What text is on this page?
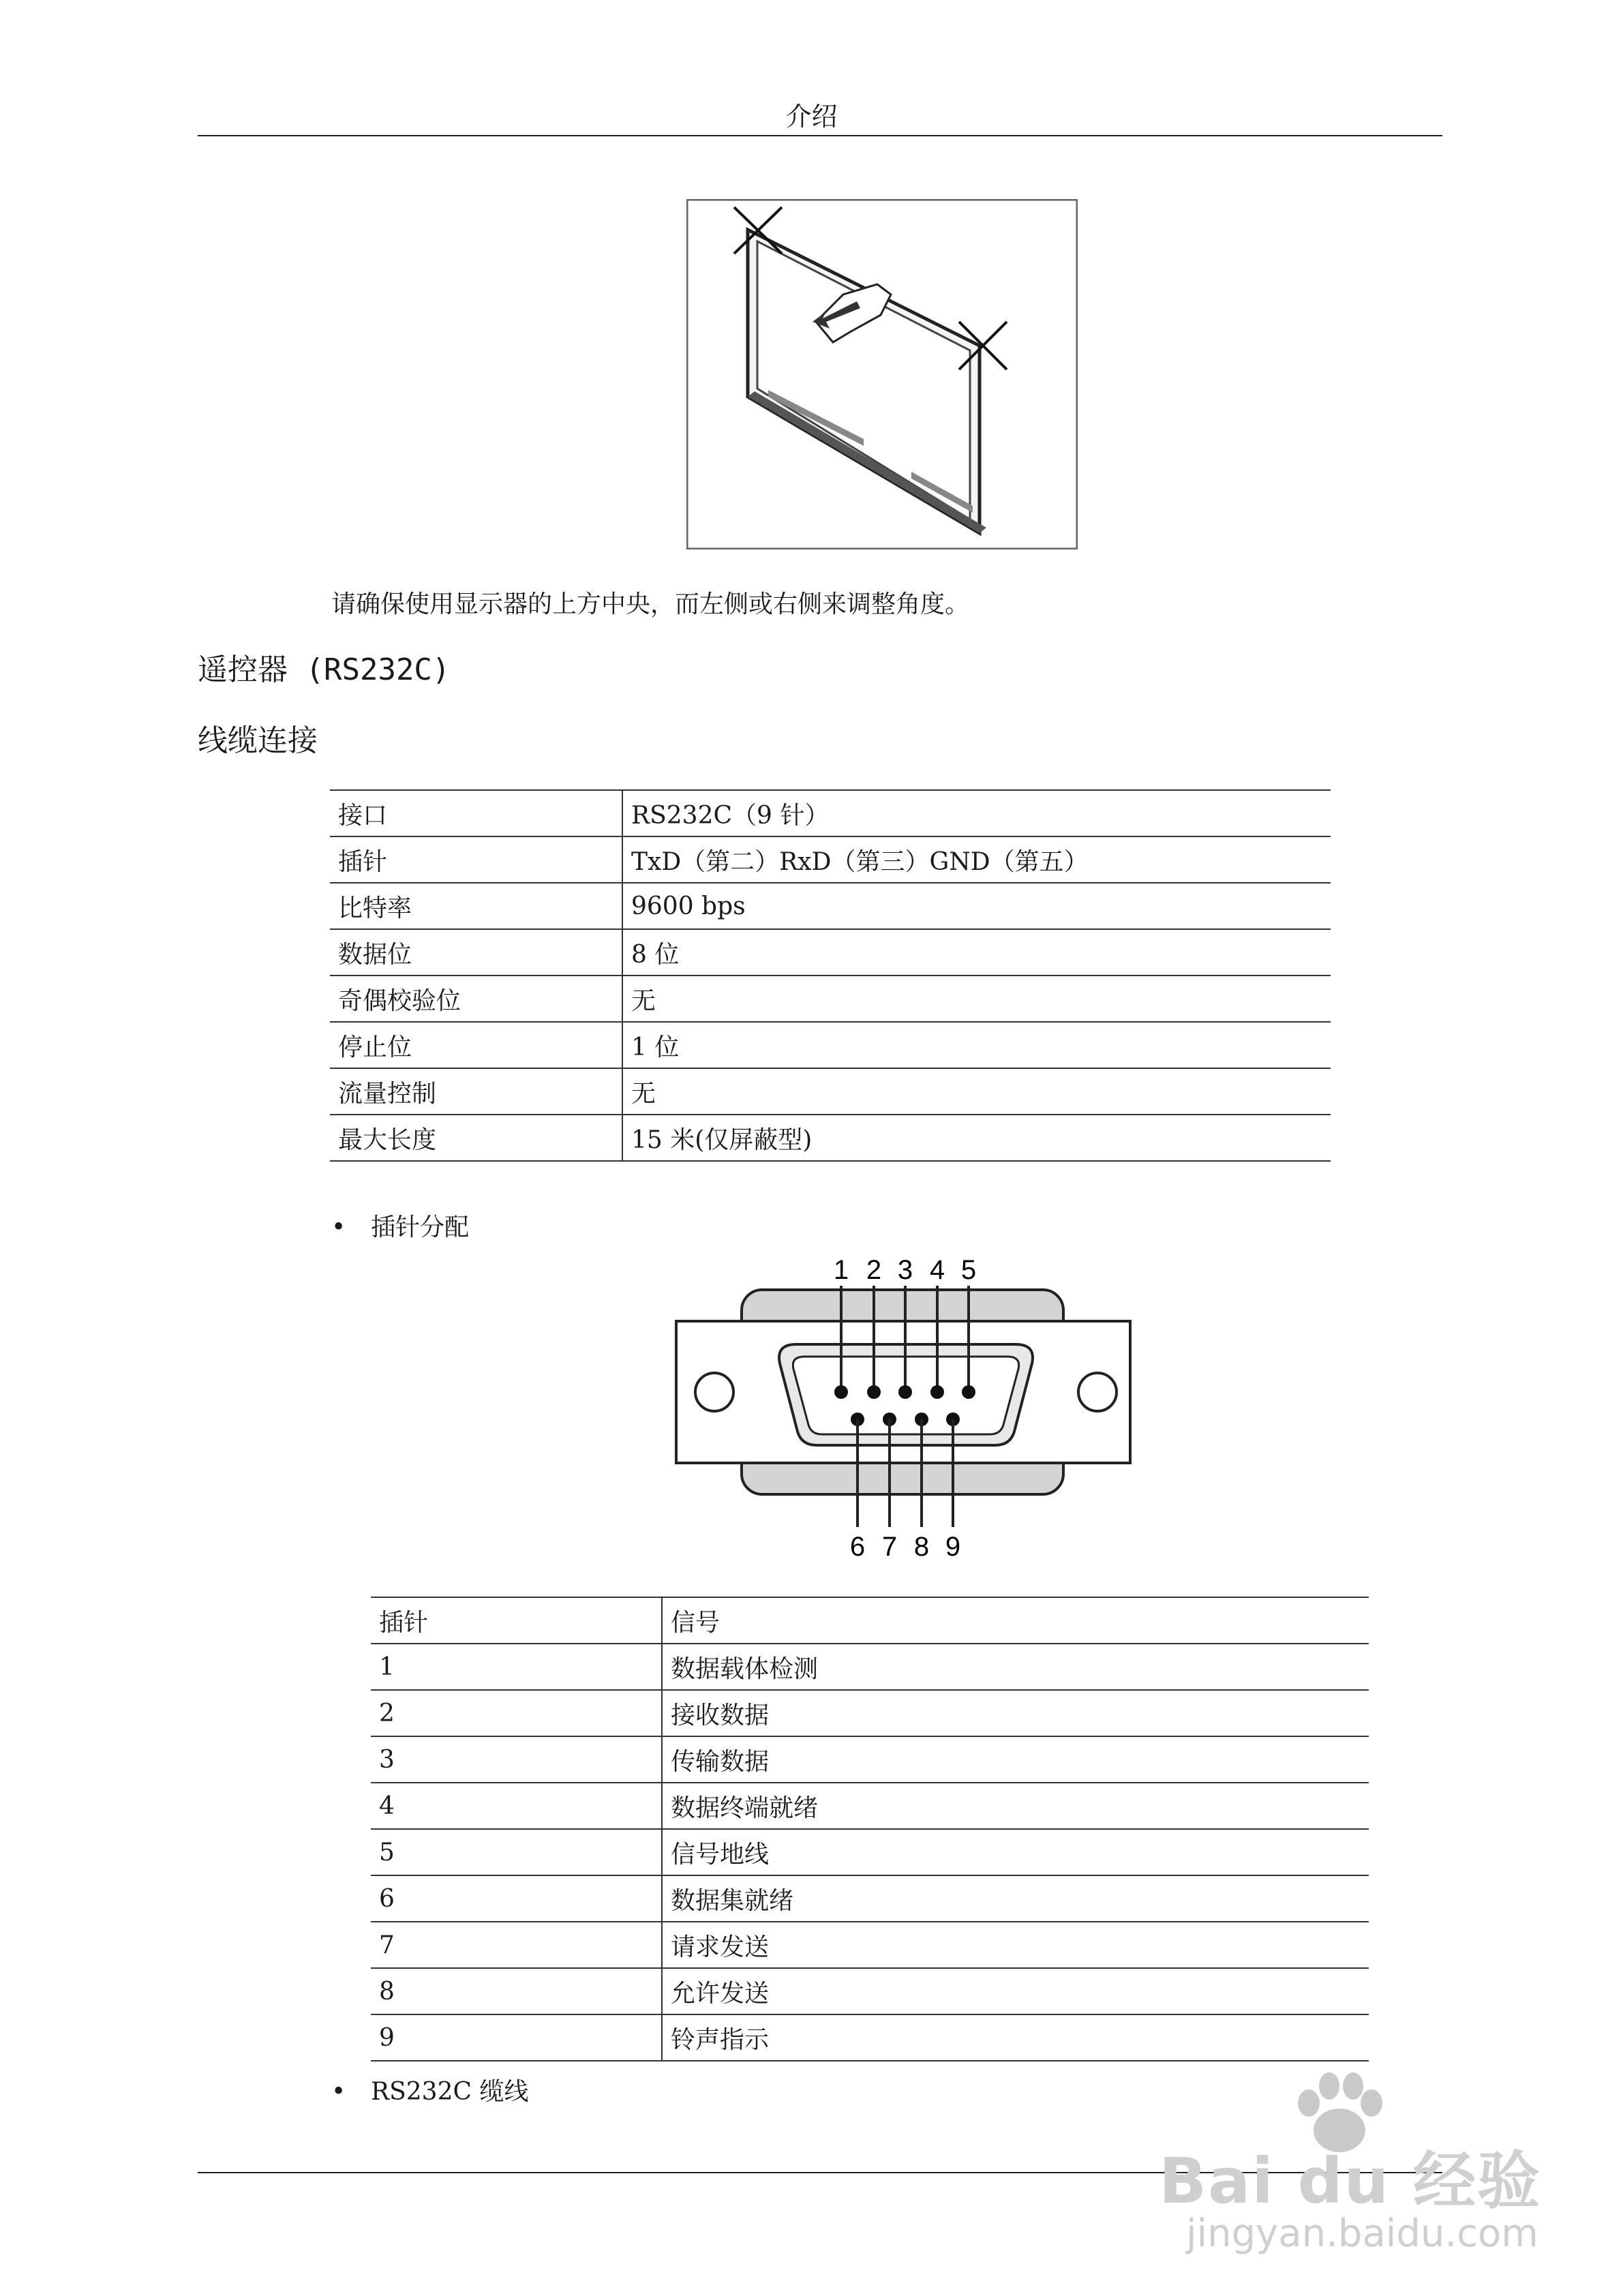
介绍
请确保使用显示器的上方中央，而左侧或右侧来调整角度。
遥控器 (RS232C)
线缆连接
接口	RS232C（9 针）
插针	TxD（第二）RxD（第三）GND（第五）
比特率	9600 bps
数据位	8 位
奇偶校验位	无
停止位	1 位
流量控制	无
最大长度	15 米(仅屏蔽型)
• 插针分配
1 2 3 4 5
6 7 8 9
插针	信号
1	数据载体检测
2	接收数据
3	传输数据
4	数据终端就绪
5	信号地线
6	数据集就绪
7	请求发送
8	允许发送
9	铃声指示
• RS232C 缆线
Bai du 经验
jingyan.baidu.com
